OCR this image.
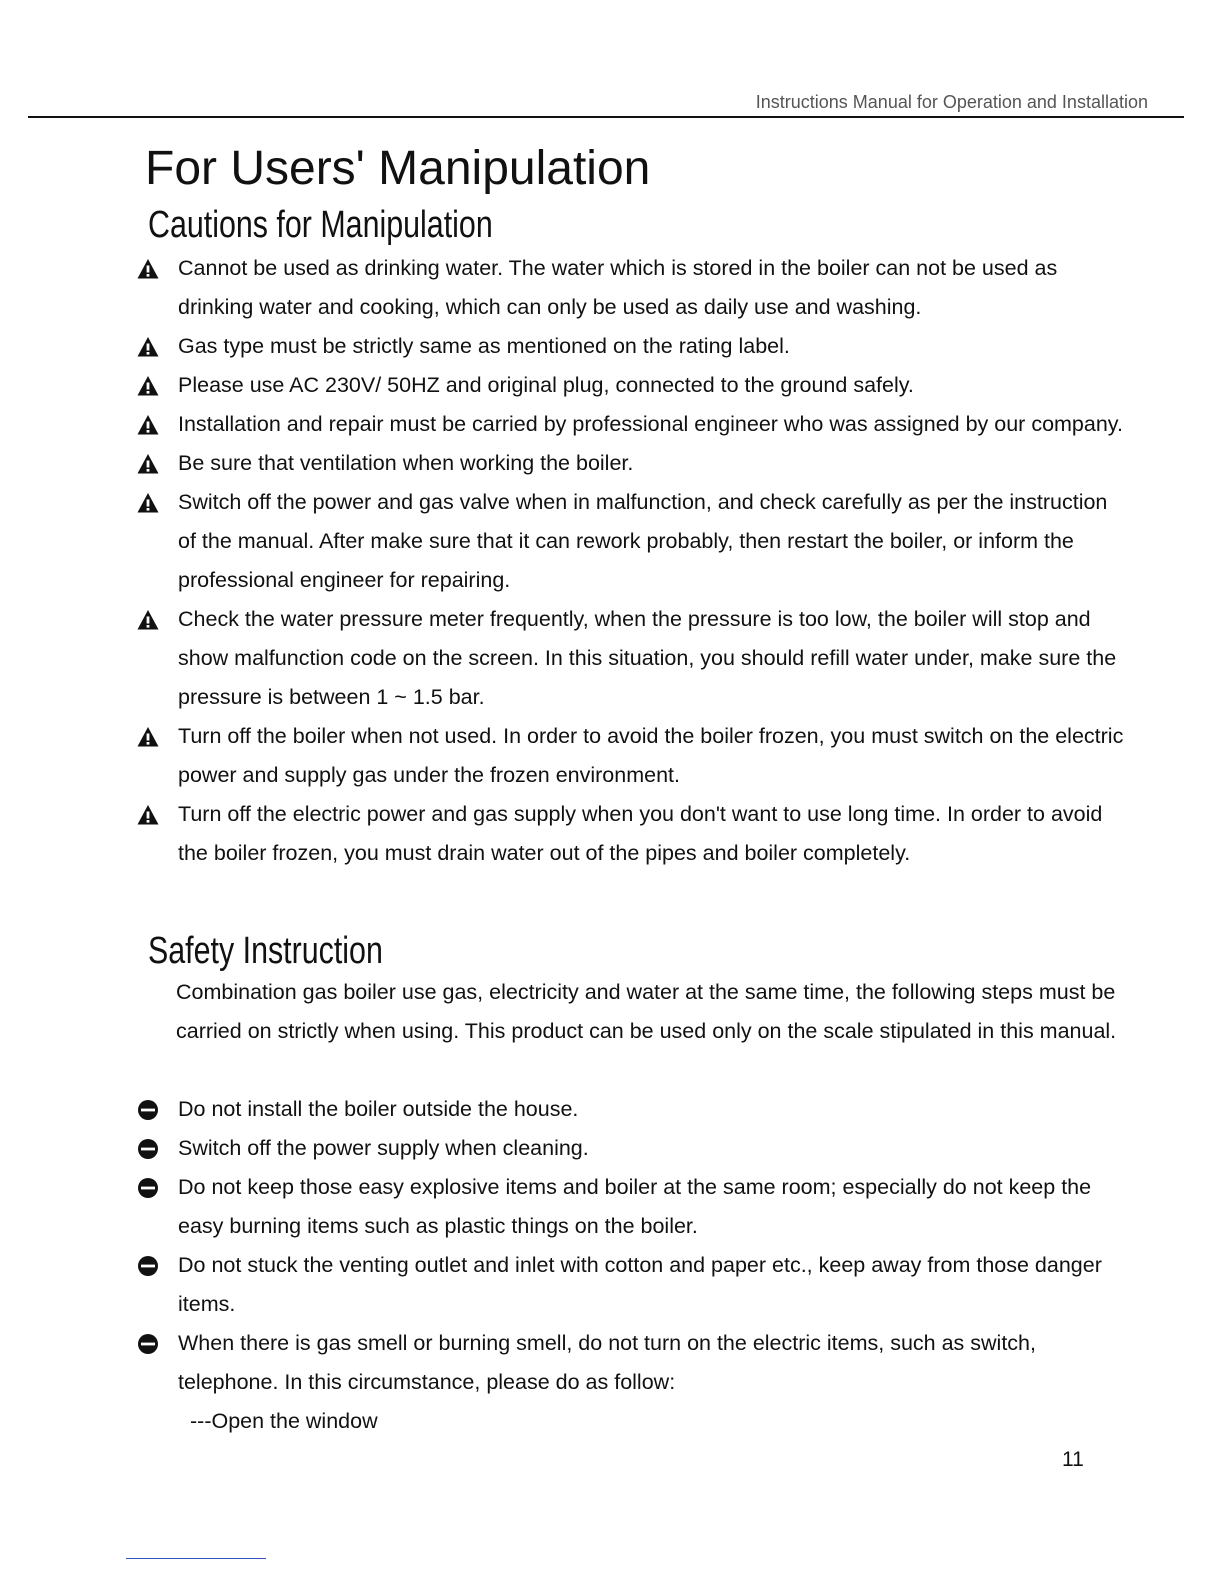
Instructions Manual for Operation and Installation
For Users' Manipulation
Cautions for Manipulation
Cannot be used as drinking water. The water which is stored in the boiler can not be used as drinking water and cooking, which can only be used as daily use and washing.
Gas type must be strictly same as mentioned on the rating label.
Please use AC 230V/ 50HZ and original plug, connected to the ground safely.
Installation and repair must be carried by professional engineer who was assigned by our company.
Be sure that ventilation when working the boiler.
Switch off the power and gas valve when in malfunction, and check carefully as per the instruction of the manual. After make sure that it can rework probably, then restart the boiler, or inform the professional engineer for repairing.
Check the water pressure meter frequently, when the pressure is too low, the boiler will stop and show malfunction code on the screen. In this situation, you should refill water under, make sure the pressure is between 1 ~ 1.5 bar.
Turn off the boiler when not used. In order to avoid the boiler frozen, you must switch on the electric power and supply gas under the frozen environment.
Turn off the electric power and gas supply when you don't want to use long time. In order to avoid the boiler frozen, you must drain water out of the pipes and boiler completely.
Safety Instruction

Combination gas boiler use gas, electricity and water at the same time, the following steps must be carried on strictly when using. This product can be used only on the scale stipulated in this manual.

Do not install the boiler outside the house.
Switch off the power supply when cleaning.
Do not keep those easy explosive items and boiler at the same room; especially do not keep the easy burning items such as plastic things on the boiler.
Do not stuck the venting outlet and inlet with cotton and paper etc., keep away from those danger items.
When there is gas smell or burning smell, do not turn on the electric items, such as switch, telephone. In this circumstance, please do as follow:
---Open the window
11
